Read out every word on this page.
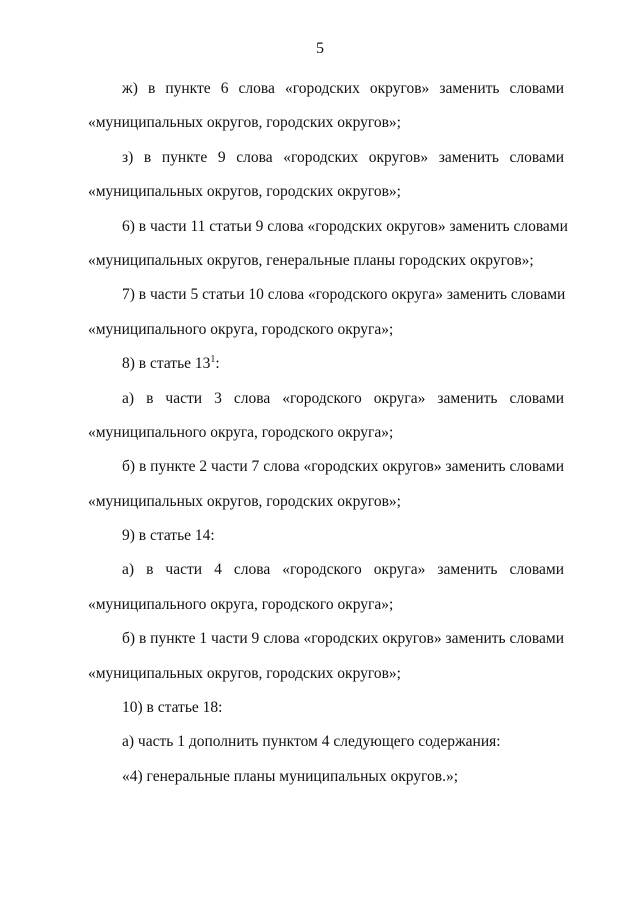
5
ж) в пункте 6 слова «городских округов» заменить словами
«муниципальных округов, городских округов»;
з) в пункте 9 слова «городских округов» заменить словами
«муниципальных округов, городских округов»;
6) в части 11 статьи 9 слова «городских округов» заменить словами
«муниципальных округов, генеральные планы городских округов»;
7) в части 5 статьи 10 слова «городского округа» заменить словами
«муниципального округа, городского округа»;
8) в статье $13^1$:
а) в части 3 слова «городского округа» заменить словами
«муниципального округа, городского округа»;
б) в пункте 2 части 7 слова «городских округов» заменить словами
«муниципальных округов, городских округов»;
9) в статье 14:
а) в части 4 слова «городского округа» заменить словами
«муниципального округа, городского округа»;
б) в пункте 1 части 9 слова «городских округов» заменить словами
«муниципальных округов, городских округов»;
10) в статье 18:
а) часть 1 дополнить пунктом 4 следующего содержания:
«4) генеральные планы муниципальных округов.»;
